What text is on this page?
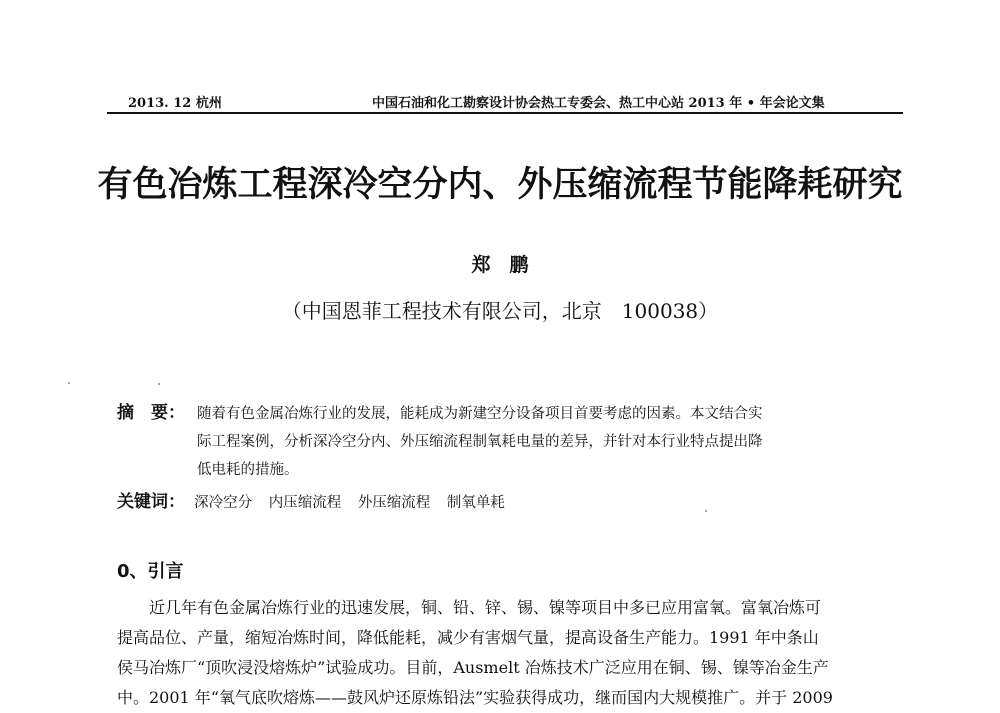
2013. 12 杭州	中国石油和化工勘察设计协会热工专委会、热工中心站 2013 年 • 年会论文集
有色冶炼工程深冷空分内、外压缩流程节能降耗研究
郑　鹏
（中国恩菲工程技术有限公司，北京　100038）
摘　要： 随着有色金属冶炼行业的发展，能耗成为新建空分设备项目首要考虑的因素。本文结合实
际工程案例，分析深冷空分内、外压缩流程制氧耗电量的差异，并针对本行业特点提出降
低电耗的措施。
关键词： 深冷空分 内压缩流程 外压缩流程 制氧单耗
0、引言
近几年有色金属冶炼行业的迅速发展，铜、铅、锌、锡、镍等项目中多已应用富氧。富氧冶炼可
提高品位、产量，缩短冶炼时间，降低能耗，减少有害烟气量，提高设备生产能力。1991 年中条山
侯马冶炼厂“顶吹浸没熔炼炉”试验成功。目前，Ausmelt 冶炼技术广泛应用在铜、锡、镍等冶金生产
中。2001 年“氧气底吹熔炼——鼓风炉还原炼铅法”实验获得成功，继而国内大规模推广。并于 2009
